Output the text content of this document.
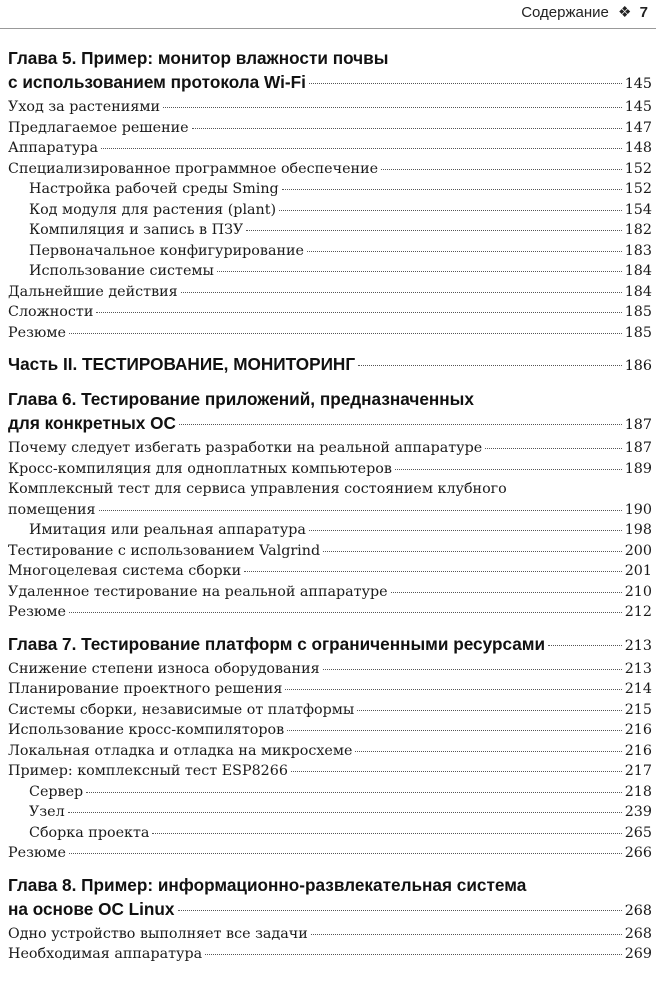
Содержание ❖ 7
Глава 5. Пример: монитор влажности почвы
с использованием протокола Wi-Fi	145
Уход за растениями	145
Предлагаемое решение	147
Аппаратура	148
Специализированное программное обеспечение	152
Настройка рабочей среды Sming	152
Код модуля для растения (plant)	154
Компиляция и запись в ПЗУ	182
Первоначальное конфигурирование	183
Использование системы	184
Дальнейшие действия	184
Сложности	185
Резюме	185
Часть II. ТЕСТИРОВАНИЕ, МОНИТОРИНГ	186
Глава 6. Тестирование приложений, предназначенных
для конкретных ОС	187
Почему следует избегать разработки на реальной аппаратуре	187
Кросс-компиляция для одноплатных компьютеров	189
Комплексный тест для сервиса управления состоянием клубного
помещения	190
Имитация или реальная аппаратура	198
Тестирование с использованием Valgrind	200
Многоцелевая система сборки	201
Удаленное тестирование на реальной аппаратуре	210
Резюме	212
Глава 7. Тестирование платформ с ограниченными ресурсами	213
Снижение степени износа оборудования	213
Планирование проектного решения	214
Системы сборки, независимые от платформы	215
Использование кросс-компиляторов	216
Локальная отладка и отладка на микросхеме	216
Пример: комплексный тест ESP8266	217
Сервер	218
Узел	239
Сборка проекта	265
Резюме	266
Глава 8. Пример: информационно-развлекательная система
на основе ОС Linux	268
Одно устройство выполняет все задачи	268
Необходимая аппаратура	269
